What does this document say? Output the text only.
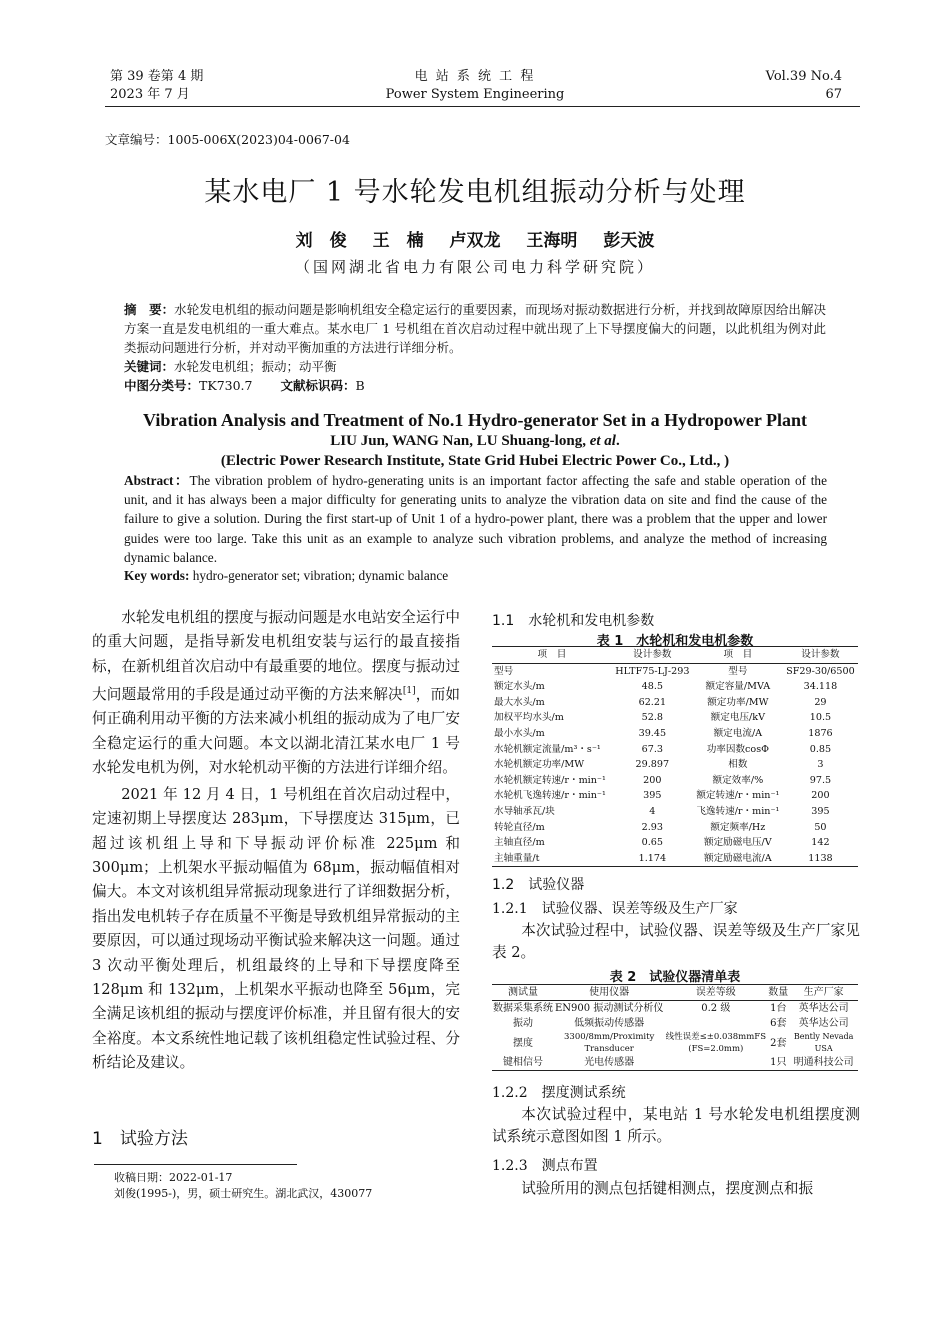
第 39 卷第 4 期
2023 年 7 月
电 站 系 统 工 程
Power System Engineering
Vol.39 No.4
67
文章编号：1005-006X(2023)04-0067-04
某水电厂 1 号水轮发电机组振动分析与处理
刘　俊 王　楠 卢双龙 王海明 彭天波
（国网湖北省电力有限公司电力科学研究院）
摘　要：水轮发电机组的振动问题是影响机组安全稳定运行的重要因素，而现场对振动数据进行分析，并找到故障原因给出解决方案一直是发电机组的一重大难点。某水电厂 1 号机组在首次启动过程中就出现了上下导摆度偏大的问题，以此机组为例对此类振动问题进行分析，并对动平衡加重的方法进行详细分析。
关键词：水轮发电机组；振动；动平衡
中图分类号：TK730.7 文献标识码：B
Vibration Analysis and Treatment of No.1 Hydro-generator Set in a Hydropower Plant
LIU Jun, WANG Nan, LU Shuang-long, et al.
(Electric Power Research Institute, State Grid Hubei Electric Power Co., Ltd., )
Abstract：The vibration problem of hydro-generating units is an important factor affecting the safe and stable operation of the unit, and it has always been a major difficulty for generating units to analyze the vibration data on site and find the cause of the failure to give a solution. During the first start-up of Unit 1 of a hydro-power plant, there was a problem that the upper and lower guides were too large. Take this unit as an example to analyze such vibration problems, and analyze the method of increasing dynamic balance.
Key words: hydro-generator set; vibration; dynamic balance

水轮发电机组的摆度与振动问题是水电站安全运行中的重大问题，是指导新发电机组安装与运行的最直接指标，在新机组首次启动中有最重要的地位。摆度与振动过大问题最常用的手段是通过动平衡的方法来解决[1]，而如何正确利用动平衡的方法来减小机组的振动成为了电厂安全稳定运行的重大问题。本文以湖北清江某水电厂 1 号水轮发电机为例，对水轮机动平衡的方法进行详细介绍。

2021 年 12 月 4 日，1 号机组在首次启动过程中，定速初期上导摆度达 283μm，下导摆度达 315μm，已超过该机组上导和下导振动评价标准 225μm 和 300μm；上机架水平振动幅值为 68μm，振动幅值相对偏大。本文对该机组异常振动现象进行了详细数据分析，指出发电机转子存在质量不平衡是导致机组异常振动的主要原因，可以通过现场动平衡试验来解决这一问题。通过 3 次动平衡处理后，机组最终的上导和下导摆度降至 128μm 和 132μm，上机架水平振动也降至 56μm，完全满足该机组的振动与摆度评价标准，并且留有很大的安全裕度。本文系统性地记载了该机组稳定性试验过程、分析结论及建议。

1　试验方法
收稿日期：2022-01-17
刘俊(1995-)，男，硕士研究生。湖北武汉，430077
1.1　水轮机和发电机参数
表 1　水轮机和发电机参数
项　目	设计参数	项　目	设计参数
型号	HLTF75-LJ-293	型号	SF29-30/6500
额定水头/m	48.5	额定容量/MVA	34.118
最大水头/m	62.21	额定功率/MW	29
加权平均水头/m	52.8	额定电压/kV	10.5
最小水头/m	39.45	额定电流/A	1876
水轮机额定流量/m³・s⁻¹	67.3	功率因数cosΦ	0.85
水轮机额定功率/MW	29.897	相数	3
水轮机额定转速/r・min⁻¹	200	额定效率/%	97.5
水轮机飞逸转速/r・min⁻¹	395	额定转速/r・min⁻¹	200
水导轴承瓦/块	4	飞逸转速/r・min⁻¹	395
转轮直径/m	2.93	额定频率/Hz	50
主轴直径/m	0.65	额定励磁电压/V	142
主轴重量/t	1.174	额定励磁电流/A	1138
1.2　试验仪器
1.2.1　试验仪器、误差等级及生产厂家
本次试验过程中，试验仪器、误差等级及生产厂家见表 2。
表 2　试验仪器清单表
测试量	使用仪器	误差等级	数量	生产厂家
数据采集系统	EN900 振动测试分析仪	0.2 级	1台	英华达公司
振动	低频振动传感器		6套	英华达公司
摆度	3300/8mm/Proximity Transducer	线性误差≤±0.038mmFS (FS=2.0mm)	2套	Bently Nevada USA
键相信号	光电传感器		1只	明通科技公司
1.2.2　摆度测试系统
本次试验过程中，某电站 1 号水轮发电机组摆度测试系统示意图如图 1 所示。
1.2.3　测点布置
试验所用的测点包括键相测点，摆度测点和振
